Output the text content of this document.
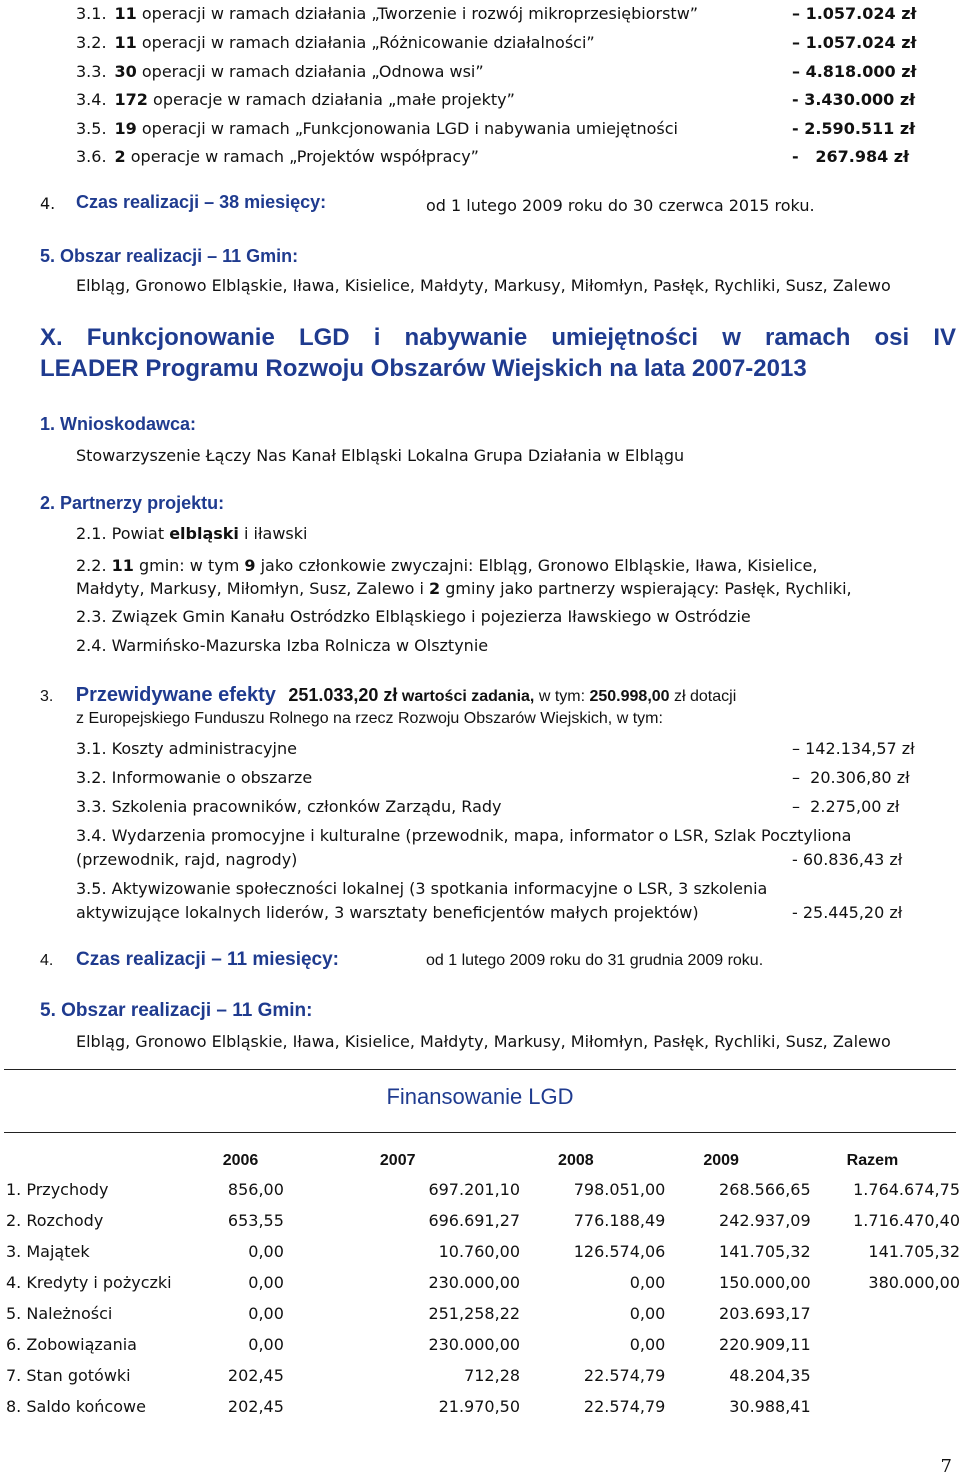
3.1. 11 operacji w ramach działania „Tworzenie i rozwój mikroprzesiębiorstw”	– 1.057.024 zł
3.2. 11 operacji w ramach działania „Różnicowanie działalności”	– 1.057.024 zł
3.3. 30 operacji w ramach działania „Odnowa wsi”	– 4.818.000 zł
3.4. 172 operacje w ramach działania „małe projekty”	- 3.430.000 zł
3.5. 19 operacji w ramach „Funkcjonowania LGD i nabywania umiejętności	- 2.590.511 zł
3.6. 2 operacje w ramach „Projektów współpracy”	-   267.984 zł
4. Czas realizacji – 38 miesięcy:	od 1 lutego 2009 roku do 30 czerwca 2015 roku.
5. Obszar realizacji – 11 Gmin:
Elbląg, Gronowo Elbląskie, Iława, Kisielice, Małdyty, Markusy, Miłomłyn, Pasłęk, Rychliki, Susz, Zalewo
X. Funkcjonowanie LGD i nabywanie umiejętności w ramach osi IV
LEADER Programu Rozwoju Obszarów Wiejskich na lata 2007-2013
1. Wnioskodawca:
Stowarzyszenie Łączy Nas Kanał Elbląski Lokalna Grupa Działania w Elblągu
2. Partnerzy projektu:
2.1. Powiat elbląski i iławski
2.2. 11 gmin: w tym 9 jako członkowie zwyczajni: Elbląg, Gronowo Elbląskie, Iława, Kisielice,
Małdyty, Markusy, Miłomłyn, Susz, Zalewo i 2 gminy jako partnerzy wspierający: Pasłęk, Rychliki,
2.3. Związek Gmin Kanału Ostródzko Elbląskiego i pojezierza Iławskiego w Ostródzie
2.4. Warmińsko-Mazurska Izba Rolnicza w Olsztynie
3. Przewidywane efekty 251.033,20 zł wartości zadania, w tym: 250.998,00 zł dotacji
z Europejskiego Funduszu Rolnego na rzecz Rozwoju Obszarów Wiejskich, w tym:
3.1. Koszty administracyjne	– 142.134,57 zł
3.2. Informowanie o obszarze	–  20.306,80 zł
3.3. Szkolenia pracowników, członków Zarządu, Rady	–  2.275,00 zł
3.4. Wydarzenia promocyjne i kulturalne (przewodnik, mapa, informator o LSR, Szlak Pocztyliona
(przewodnik, rajd, nagrody)	- 60.836,43 zł
3.5. Aktywizowanie społeczności lokalnej (3 spotkania informacyjne o LSR, 3 szkolenia
aktywizujące lokalnych liderów, 3 warsztaty beneficjentów małych projektów)	- 25.445,20 zł
4. Czas realizacji – 11 miesięcy:	od 1 lutego 2009 roku do 31 grudnia 2009 roku.
5. Obszar realizacji – 11 Gmin:
Elbląg, Gronowo Elbląskie, Iława, Kisielice, Małdyty, Markusy, Miłomłyn, Pasłęk, Rychliki, Susz, Zalewo
Finansowanie LGD
	2006	2007	2008	2009	Razem
1. Przychody	856,00	697.201,10	798.051,00	268.566,65	1.764.674,75
2. Rozchody	653,55	696.691,27	776.188,49	242.937,09	1.716.470,40
3. Majątek	0,00	10.760,00	126.574,06	141.705,32	141.705,32
4. Kredyty i pożyczki	0,00	230.000,00	0,00	150.000,00	380.000,00
5. Należności	0,00	251,258,22	0,00	203.693,17	
6. Zobowiązania	0,00	230.000,00	0,00	220.909,11	
7. Stan gotówki	202,45	712,28	22.574,79	48.204,35	
8. Saldo końcowe	202,45	21.970,50	22.574,79	30.988,41	
7
